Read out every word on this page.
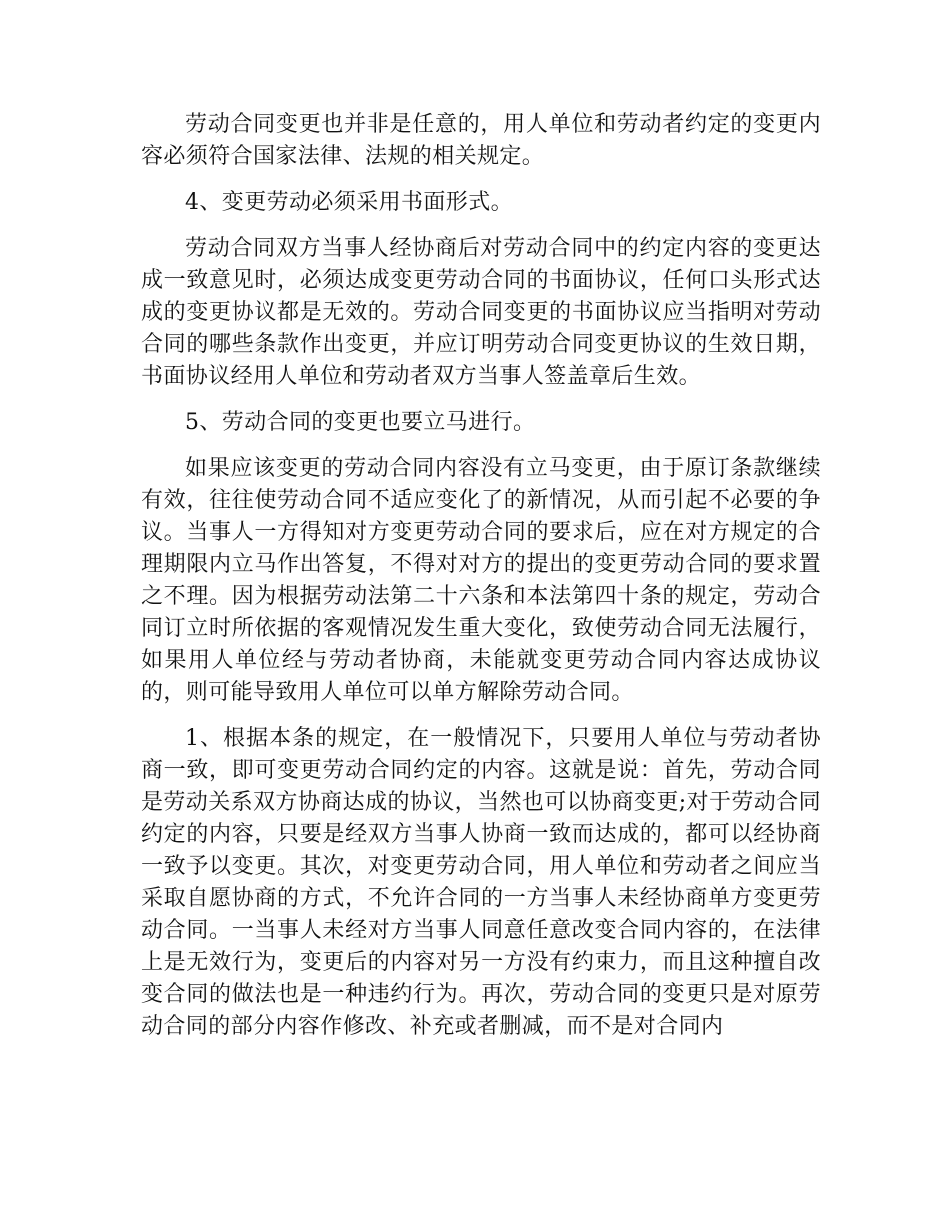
劳动合同变更也并非是任意的，用人单位和劳动者约定的变更内容必须符合国家法律、法规的相关规定。

4、变更劳动必须采用书面形式。

劳动合同双方当事人经协商后对劳动合同中的约定内容的变更达成一致意见时，必须达成变更劳动合同的书面协议，任何口头形式达成的变更协议都是无效的。劳动合同变更的书面协议应当指明对劳动合同的哪些条款作出变更，并应订明劳动合同变更协议的生效日期，书面协议经用人单位和劳动者双方当事人签盖章后生效。

5、劳动合同的变更也要立马进行。

如果应该变更的劳动合同内容没有立马变更，由于原订条款继续有效，往往使劳动合同不适应变化了的新情况，从而引起不必要的争议。当事人一方得知对方变更劳动合同的要求后，应在对方规定的合理期限内立马作出答复，不得对对方的提出的变更劳动合同的要求置之不理。因为根据劳动法第二十六条和本法第四十条的规定，劳动合同订立时所依据的客观情况发生重大变化，致使劳动合同无法履行，如果用人单位经与劳动者协商，未能就变更劳动合同内容达成协议的，则可能导致用人单位可以单方解除劳动合同。

1、根据本条的规定，在一般情况下，只要用人单位与劳动者协商一致，即可变更劳动合同约定的内容。这就是说：首先，劳动合同是劳动关系双方协商达成的协议，当然也可以协商变更;对于劳动合同约定的内容，只要是经双方当事人协商一致而达成的，都可以经协商一致予以变更。其次，对变更劳动合同，用人单位和劳动者之间应当采取自愿协商的方式，不允许合同的一方当事人未经协商单方变更劳动合同。一当事人未经对方当事人同意任意改变合同内容的，在法律上是无效行为，变更后的内容对另一方没有约束力，而且这种擅自改变合同的做法也是一种违约行为。再次，劳动合同的变更只是对原劳动合同的部分内容作修改、补充或者删减，而不是对合同内
